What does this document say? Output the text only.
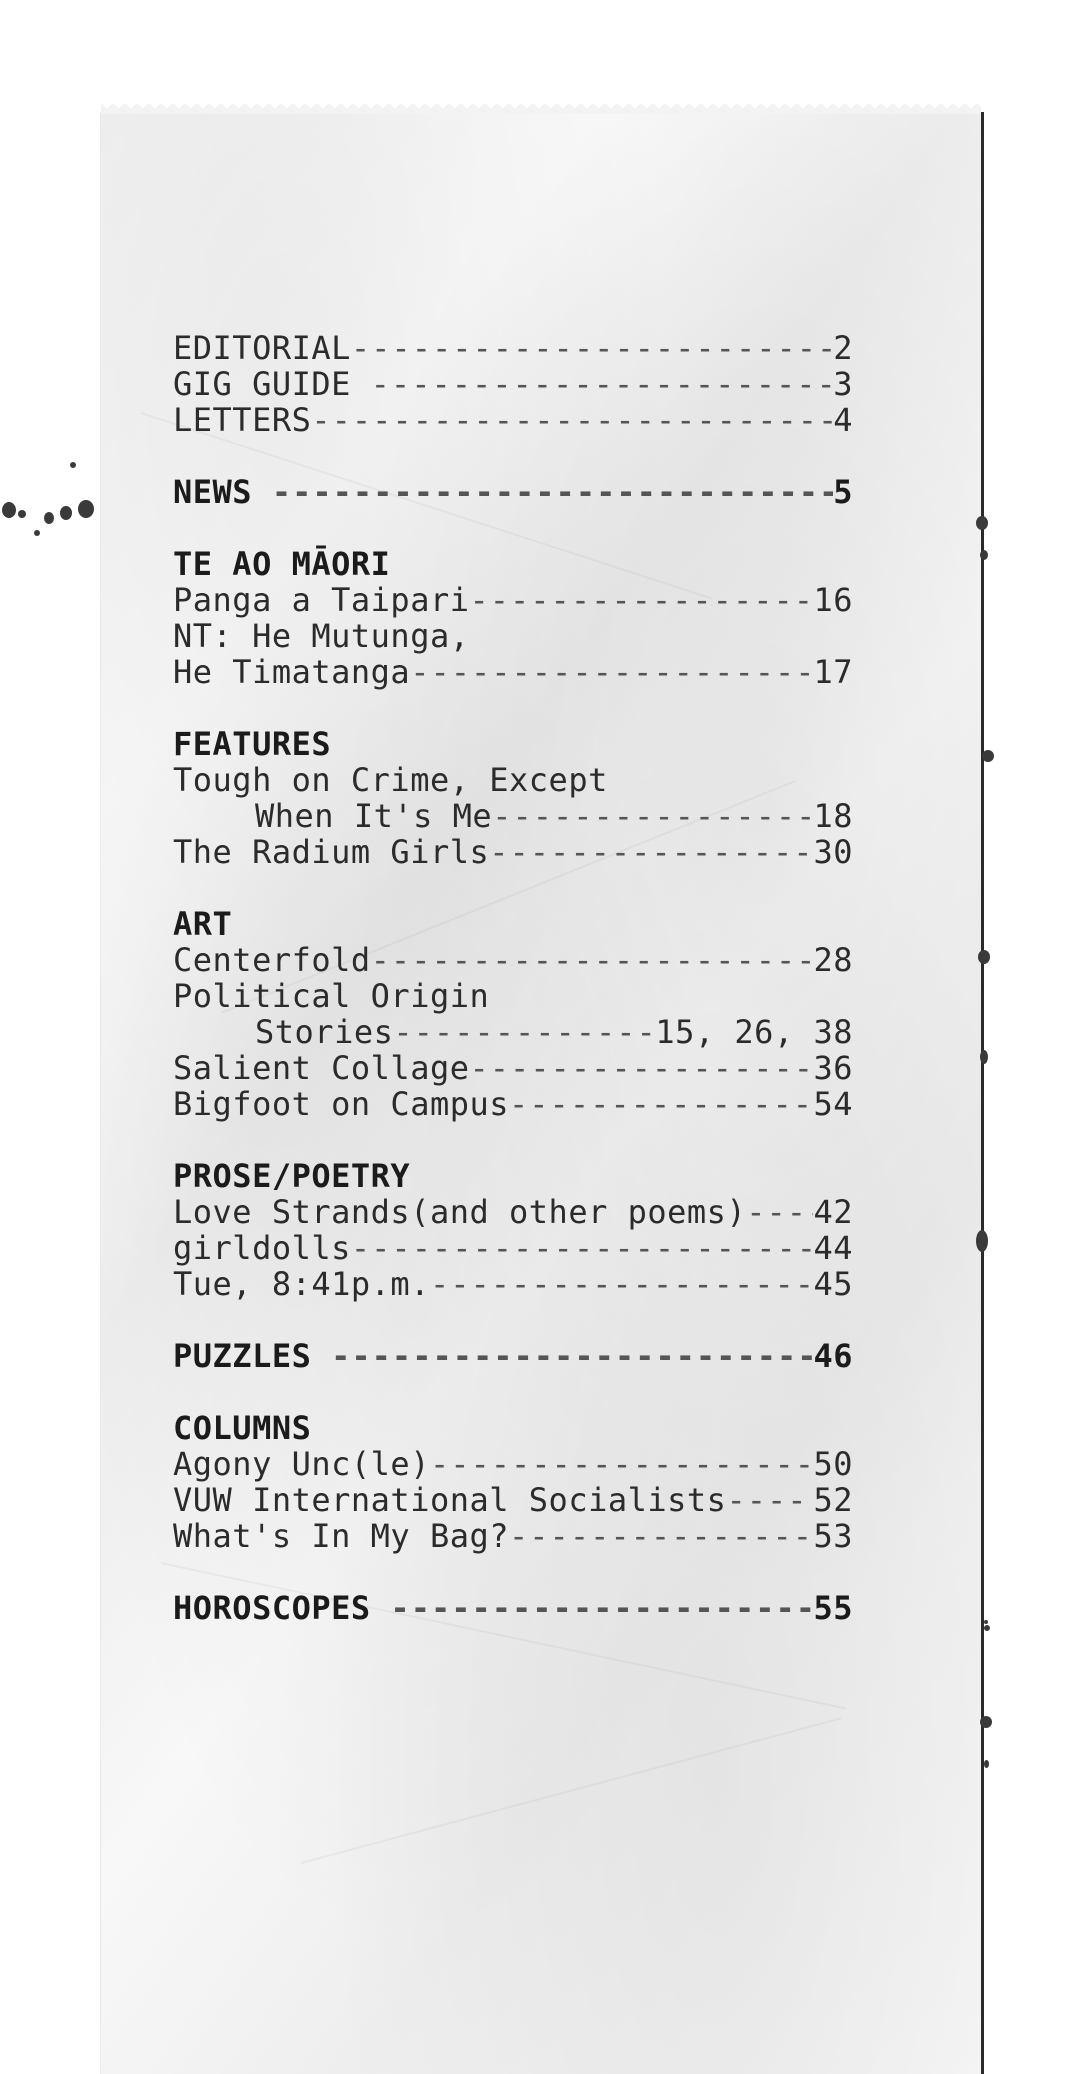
EDITORIAL -----	2
GIG GUIDE -----	3
LETTERS -----	4
NEWS -----	5
TE AO MĀORI
Panga a Taipari -----	16
NT: He Mutunga,
He Timatanga -----	17
FEATURES
Tough on Crime, Except
When It's Me -----	18
The Radium Girls -----	30
ART
Centerfold -----	28
Political Origin
Stories -----	15, 26, 38
Salient Collage -----	36
Bigfoot on Campus -----	54
PROSE/POETRY
Love Strands(and other poems) ----- 42
girldolls -----	44
Tue, 8:41p.m. -----	45
PUZZLES -----	46
COLUMNS
Agony Unc(le) -----	50
VUW International Socialists -----	52
What's In My Bag? -----	53
HOROSCOPES -----	55
